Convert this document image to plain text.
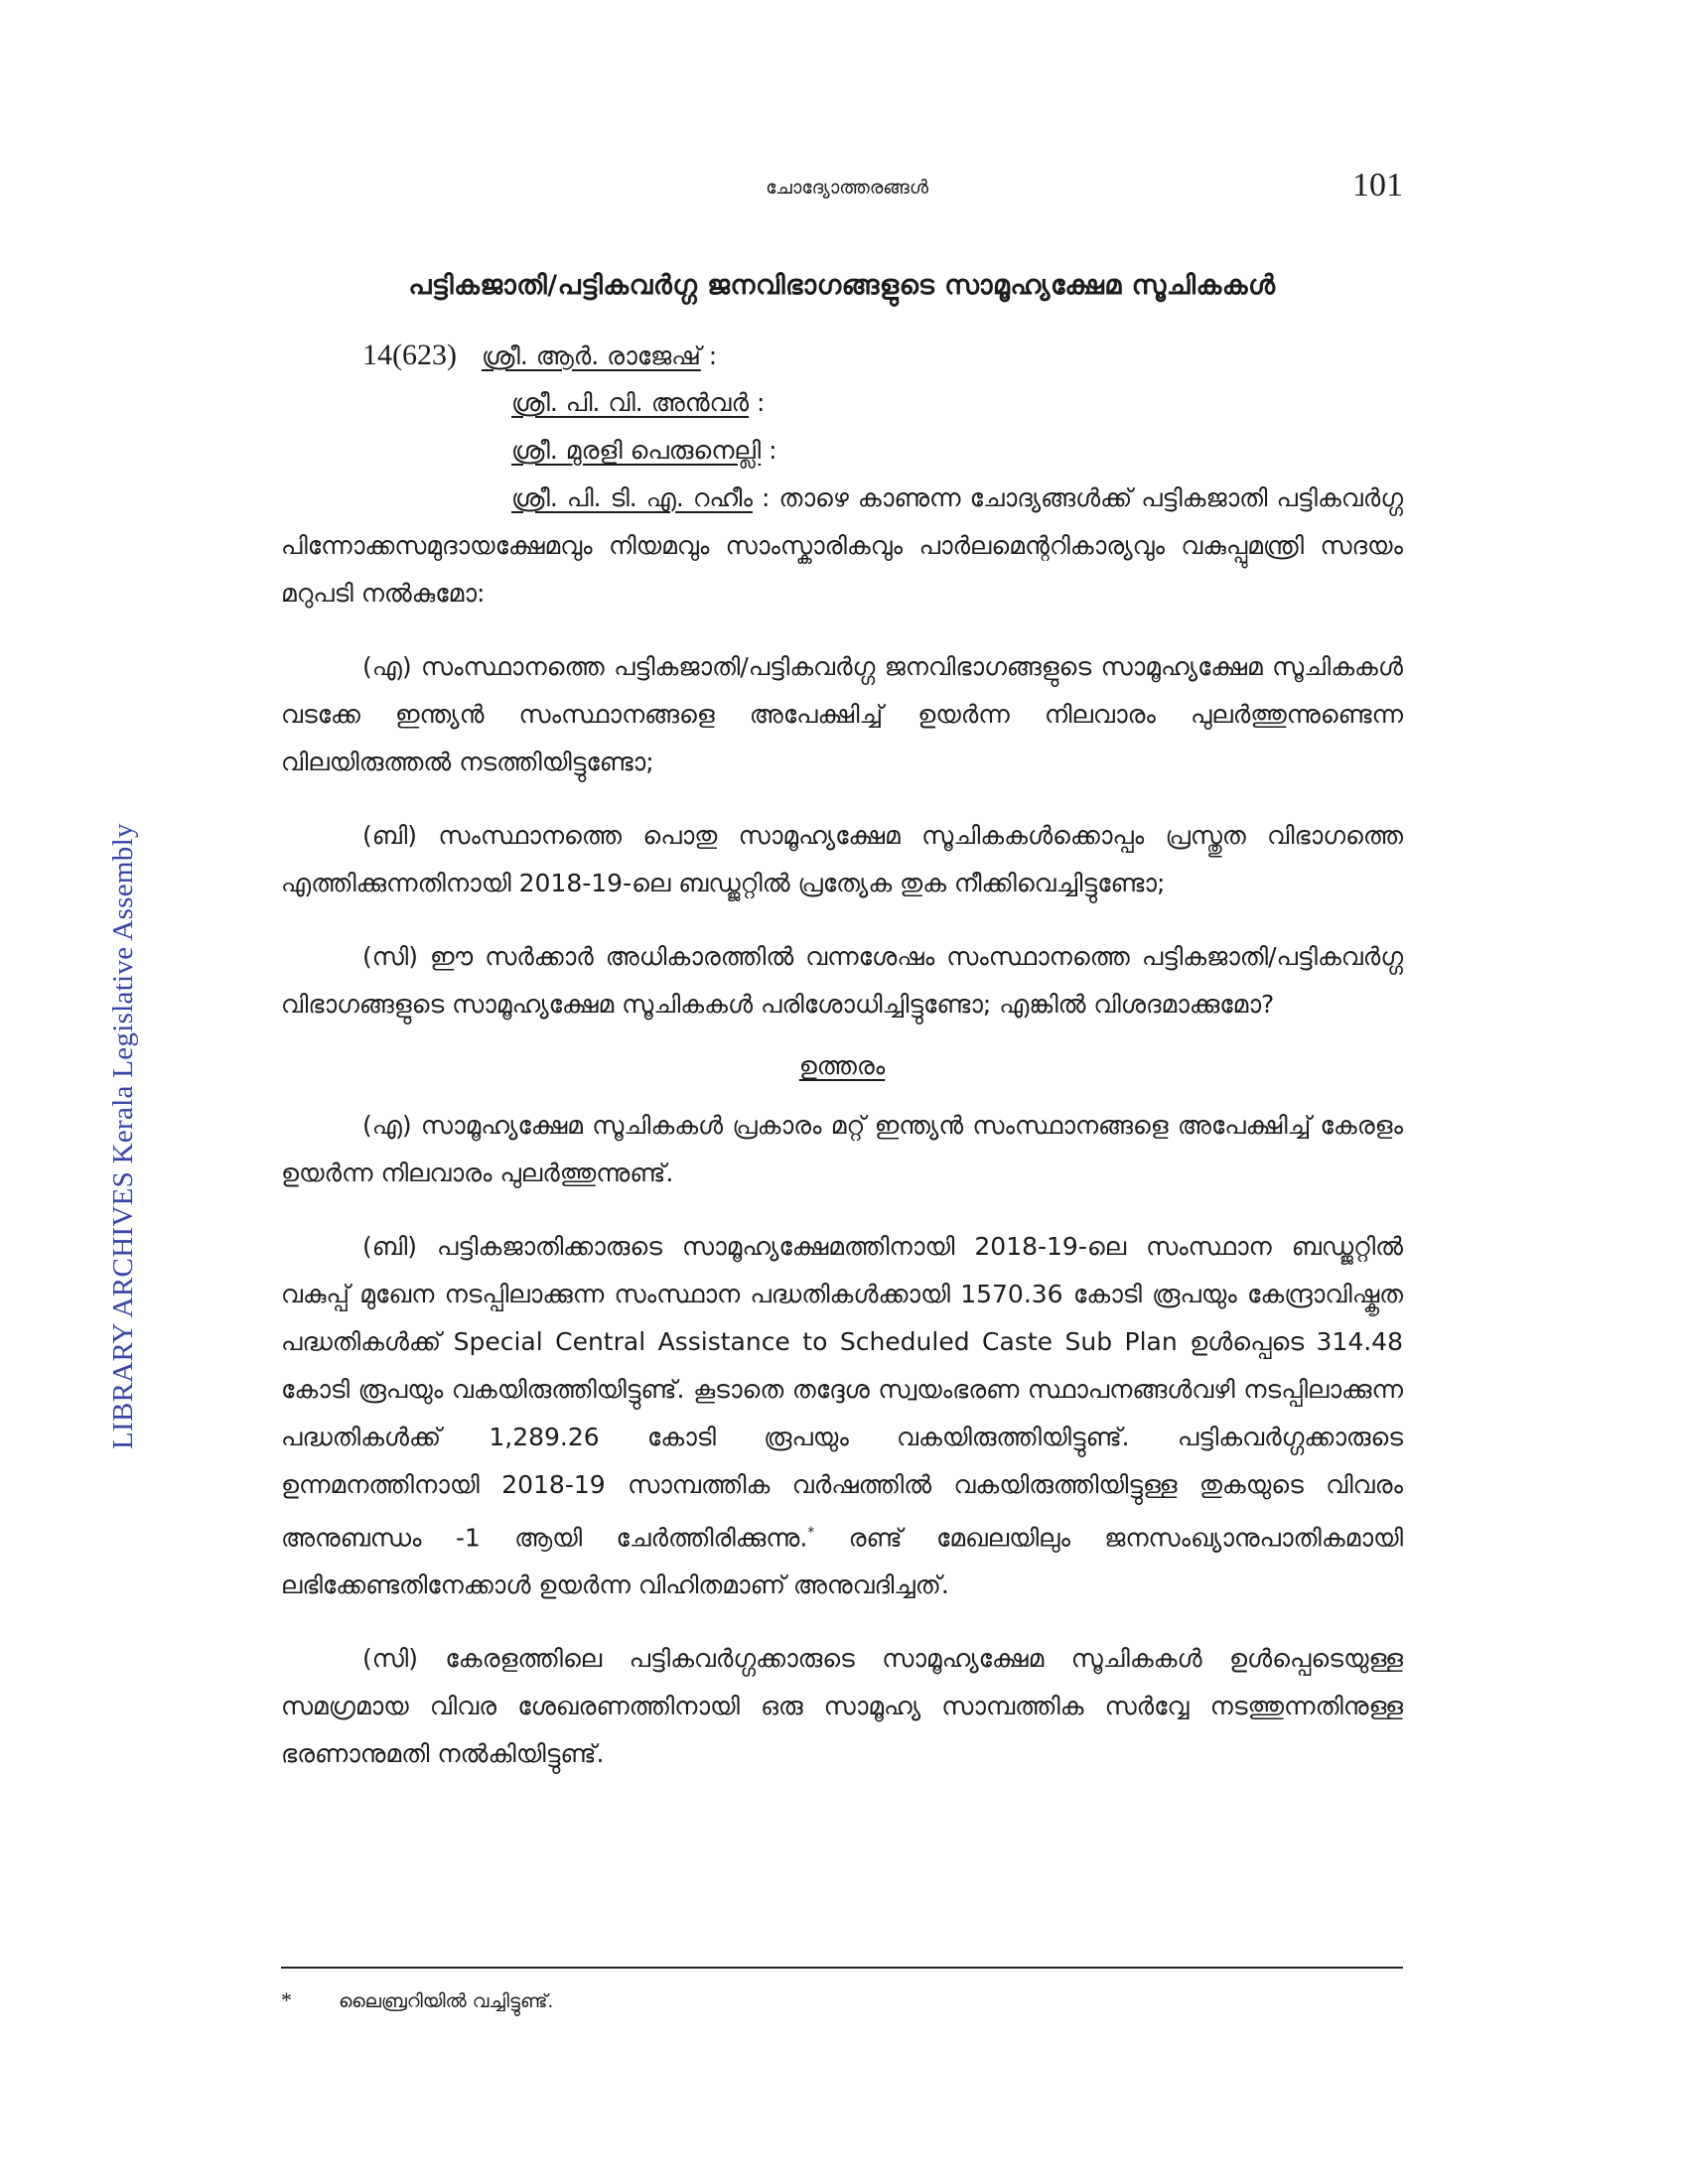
ചോദ്യോത്തരങ്ങൾ	101
പട്ടികജാതി/പട്ടികവർഗ്ഗ ജനവിഭാഗങ്ങളുടെ സാമൂഹ്യക്ഷേമ സൂചികകൾ
14(623) ശ്രീ. ആർ. രാജേഷ് :
ശ്രീ. പി. വി. അൻവർ :
ശ്രീ. മുരളി പെരുനെല്ലി :

ശ്രീ. പി. ടി. എ. റഹീം : താഴെ കാണുന്ന ചോദ്യങ്ങൾക്ക് പട്ടികജാതി പട്ടികവർഗ്ഗ പിന്നോക്കസമുദായക്ഷേമവും നിയമവും സാംസ്കാരികവും പാർലമെന്ററികാര്യവും വകുപ്പുമന്ത്രി സദയം മറുപടി നൽകുമോ:

(എ) സംസ്ഥാനത്തെ പട്ടികജാതി/പട്ടികവർഗ്ഗ ജനവിഭാഗങ്ങളുടെ സാമൂഹ്യക്ഷേമ സൂചികകൾ വടക്കേ ഇന്ത്യൻ സംസ്ഥാനങ്ങളെ അപേക്ഷിച്ച് ഉയർന്ന നിലവാരം പുലർത്തുന്നുണ്ടെന്ന വിലയിരുത്തൽ നടത്തിയിട്ടുണ്ടോ;

(ബി) സംസ്ഥാനത്തെ പൊതു സാമൂഹ്യക്ഷേമ സൂചികകൾക്കൊപ്പം പ്രസ്തുത വിഭാഗത്തെ എത്തിക്കുന്നതിനായി 2018-19-ലെ ബഡ്ജറ്റിൽ പ്രത്യേക തുക നീക്കിവെച്ചിട്ടുണ്ടോ;

(സി) ഈ സർക്കാർ അധികാരത്തിൽ വന്നശേഷം സംസ്ഥാനത്തെ പട്ടികജാതി/പട്ടികവർഗ്ഗ വിഭാഗങ്ങളുടെ സാമൂഹ്യക്ഷേമ സൂചികകൾ പരിശോധിച്ചിട്ടുണ്ടോ; എങ്കിൽ വിശദമാക്കുമോ?

ഉത്തരം

(എ) സാമൂഹ്യക്ഷേമ സൂചികകൾ പ്രകാരം മറ്റ് ഇന്ത്യൻ സംസ്ഥാനങ്ങളെ അപേക്ഷിച്ച് കേരളം ഉയർന്ന നിലവാരം പുലർത്തുന്നുണ്ട്.

(ബി) പട്ടികജാതിക്കാരുടെ സാമൂഹ്യക്ഷേമത്തിനായി 2018-19-ലെ സംസ്ഥാന ബഡ്ജറ്റിൽ വകുപ്പ് മുഖേന നടപ്പിലാക്കുന്ന സംസ്ഥാന പദ്ധതികൾക്കായി 1570.36 കോടി രൂപയും കേന്ദ്രാവിഷ്കൃത പദ്ധതികൾക്ക് Special Central Assistance to Scheduled Caste Sub Plan ഉൾപ്പെടെ 314.48 കോടി രൂപയും വകയിരുത്തിയിട്ടുണ്ട്. കൂടാതെ തദ്ദേശ സ്വയംഭരണ സ്ഥാപനങ്ങൾവഴി നടപ്പിലാക്കുന്ന പദ്ധതികൾക്ക് 1,289.26 കോടി രൂപയും വകയിരുത്തിയിട്ടുണ്ട്. പട്ടികവർഗ്ഗക്കാരുടെ ഉന്നമനത്തിനായി 2018-19 സാമ്പത്തിക വർഷത്തിൽ വകയിരുത്തിയിട്ടുള്ള തുകയുടെ വിവരം അനുബന്ധം -1 ആയി ചേർത്തിരിക്കുന്നു.* രണ്ട് മേഖലയിലും ജനസംഖ്യാനുപാതികമായി ലഭിക്കേണ്ടതിനേക്കാൾ ഉയർന്ന വിഹിതമാണ് അനുവദിച്ചത്.

(സി) കേരളത്തിലെ പട്ടികവർഗ്ഗക്കാരുടെ സാമൂഹ്യക്ഷേമ സൂചികകൾ ഉൾപ്പെടെയുള്ള സമഗ്രമായ വിവര ശേഖരണത്തിനായി ഒരു സാമൂഹ്യ സാമ്പത്തിക സർവ്വേ നടത്തുന്നതിനുള്ള ഭരണാനുമതി നൽകിയിട്ടുണ്ട്.

* ലൈബ്രറിയിൽ വച്ചിട്ടുണ്ട്.
LIBRARY ARCHIVES Kerala Legislative Assembly
